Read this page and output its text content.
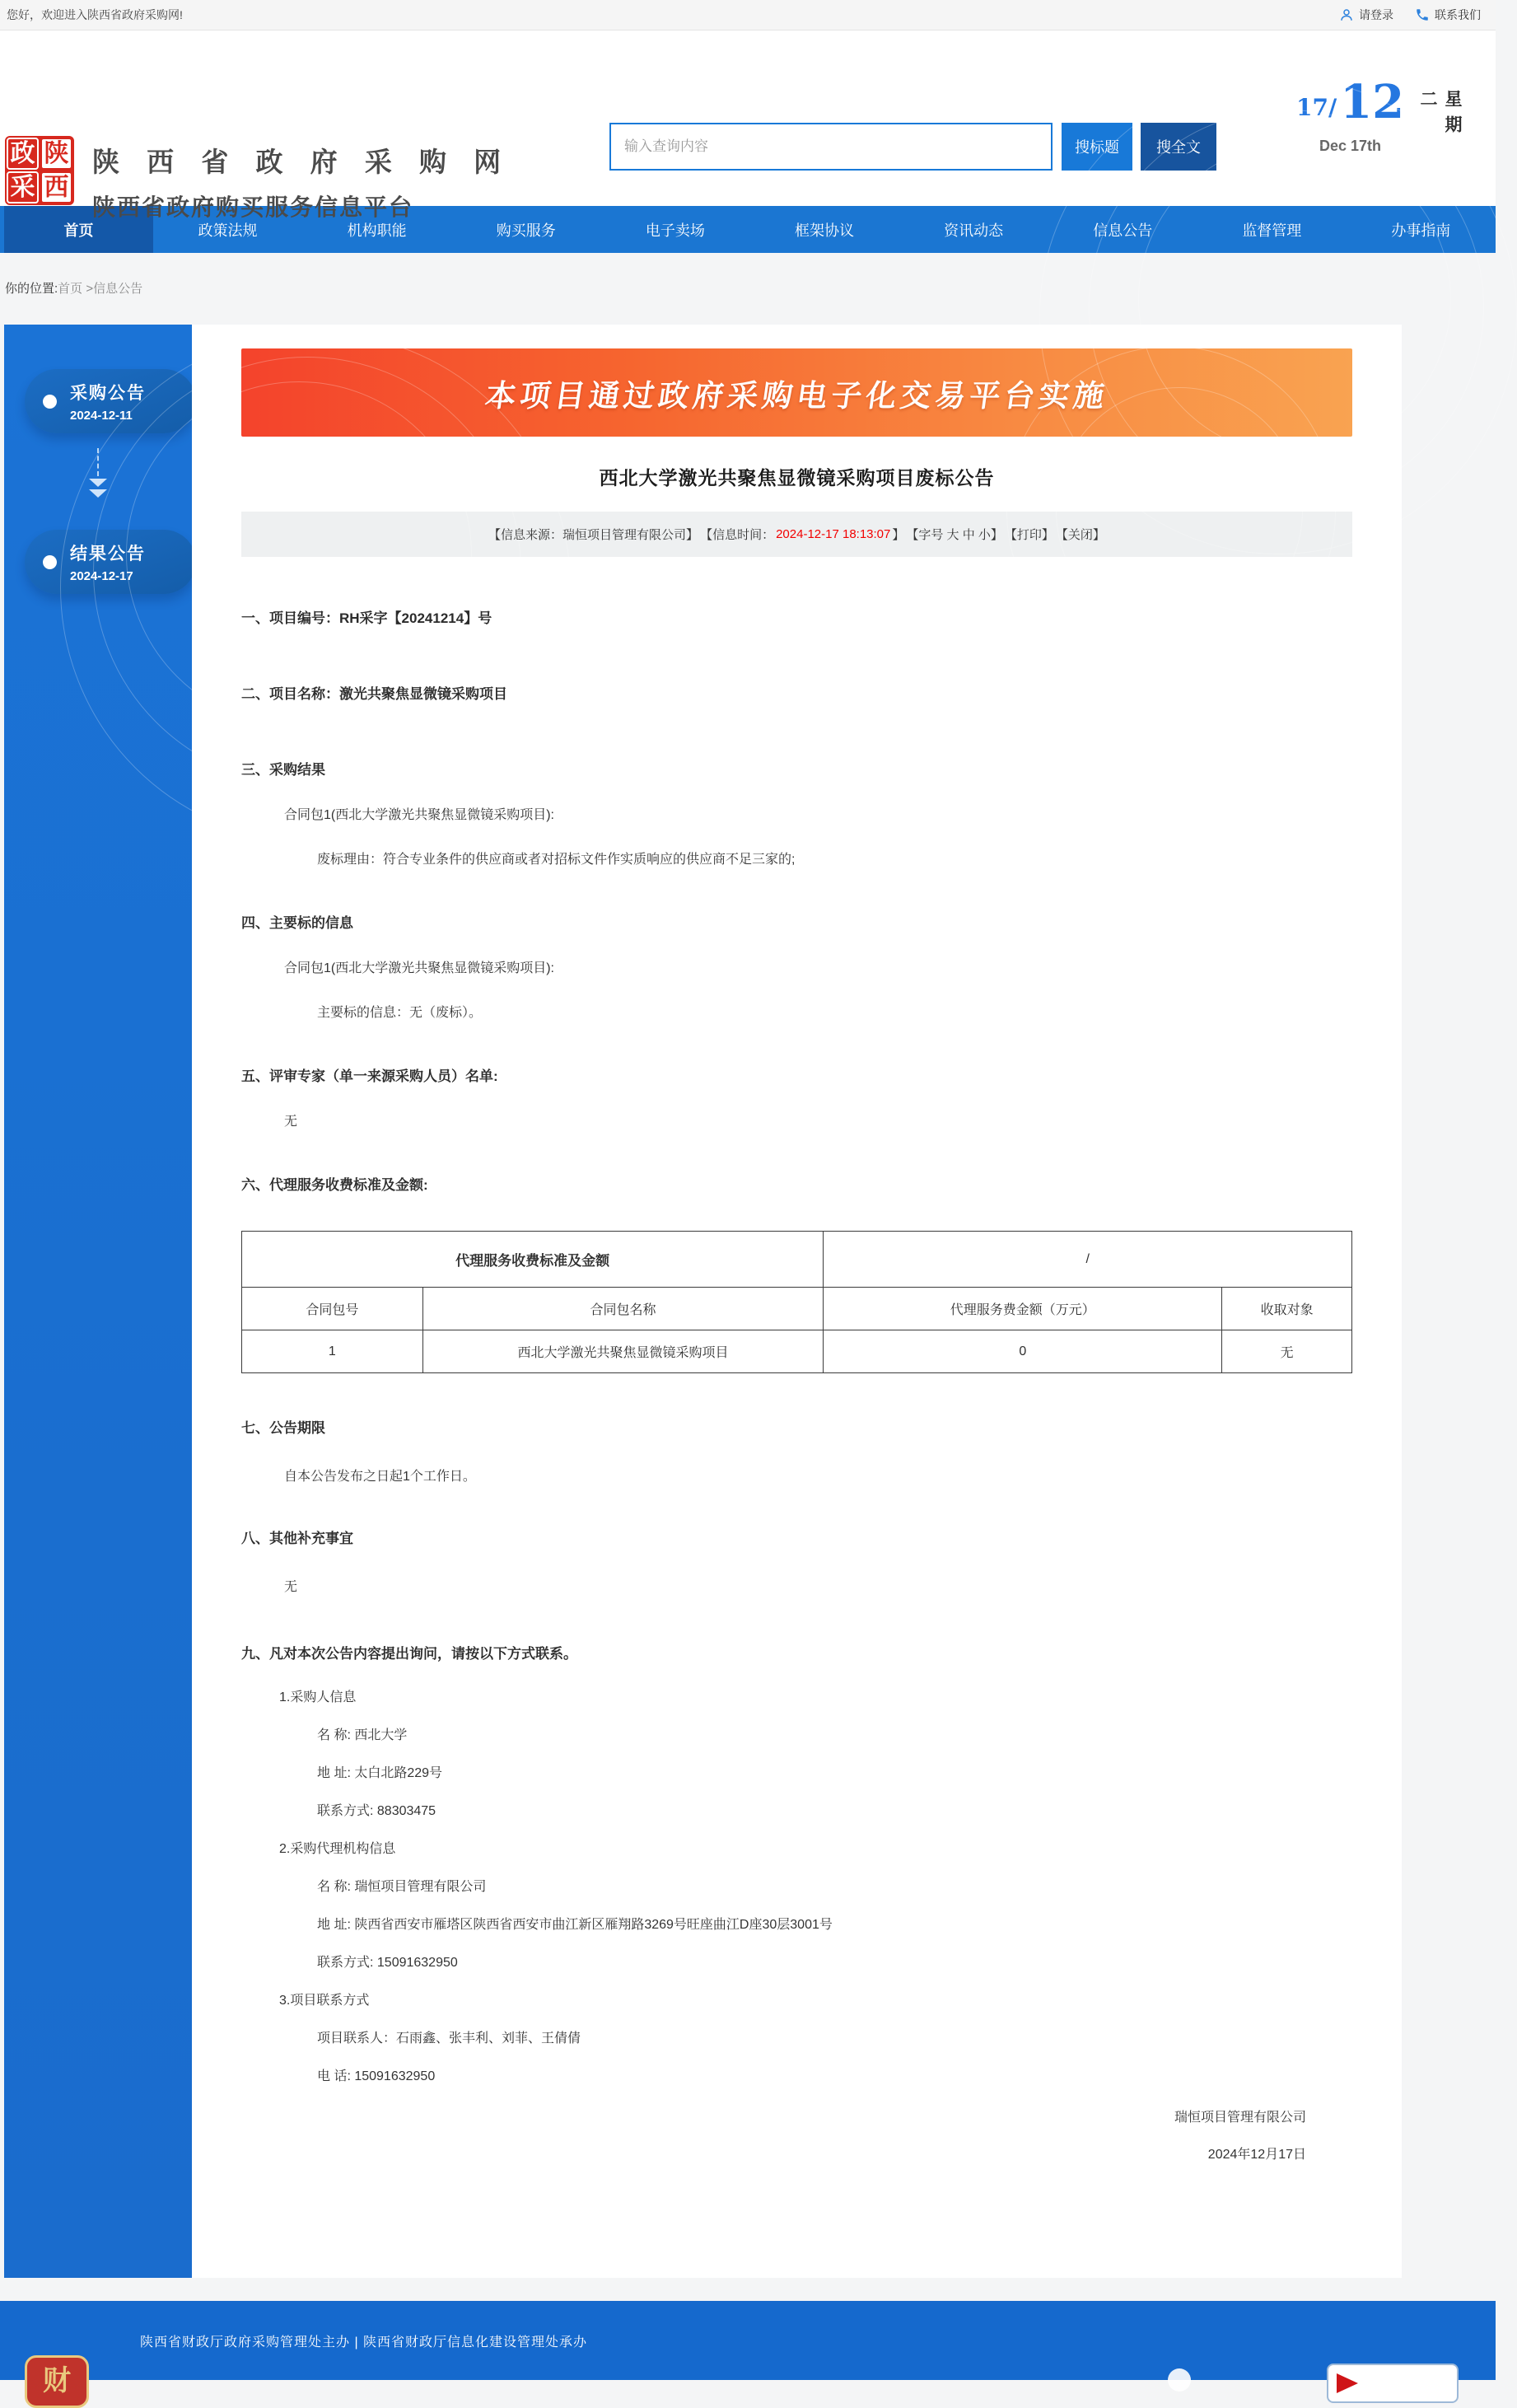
您好，欢迎进入陕西省政府采购网!	请登录	联系我们
政 陕
采 西
陕 西 省 政 府 采 购 网
陕西省政府购买服务信息平台
输入查询内容
搜标题	搜全文
17/ 12
Dec 17th
星期二
首页	政策法规	机构职能	购买服务	电子卖场	框架协议	资讯动态	信息公告	监督管理	办事指南
你的位置:首页 >信息公告
采购公告
2024-12-11
结果公告
2024-12-17
本项目通过政府采购电子化交易平台实施
西北大学激光共聚焦显微镜采购项目废标公告
【信息来源：瑞恒项目管理有限公司】 【信息时间： 2024-12-17 18:13:07 】 【字号 大 中 小】 【打印】 【关闭】
一、项目编号：RH采字【20241214】号
二、项目名称：激光共聚焦显微镜采购项目
三、采购结果
合同包1(西北大学激光共聚焦显微镜采购项目):
废标理由：符合专业条件的供应商或者对招标文件作实质响应的供应商不足三家的;
四、主要标的信息
合同包1(西北大学激光共聚焦显微镜采购项目):
主要标的信息：无（废标）。
五、评审专家（单一来源采购人员）名单:
无
六、代理服务收费标准及金额:
代理服务收费标准及金额		/	
合同包号	合同包名称	代理服务费金额（万元）	收取对象
1	西北大学激光共聚焦显微镜采购项目	0	无
七、公告期限
自本公告发布之日起1个工作日。
八、其他补充事宜
无
九、凡对本次公告内容提出询问，请按以下方式联系。
1.采购人信息
名 称: 西北大学
地 址: 太白北路229号
联系方式: 88303475
2.采购代理机构信息
名 称: 瑞恒项目管理有限公司
地 址: 陕西省西安市雁塔区陕西省西安市曲江新区雁翔路3269号旺座曲江D座30层3001号
联系方式: 15091632950
3.项目联系方式
项目联系人：石雨鑫、张丰利、刘菲、王倩倩
电 话: 15091632950
瑞恒项目管理有限公司
2024年12月17日
陕西省财政厅政府采购管理处主办 | 陕西省财政厅信息化建设管理处承办
财
